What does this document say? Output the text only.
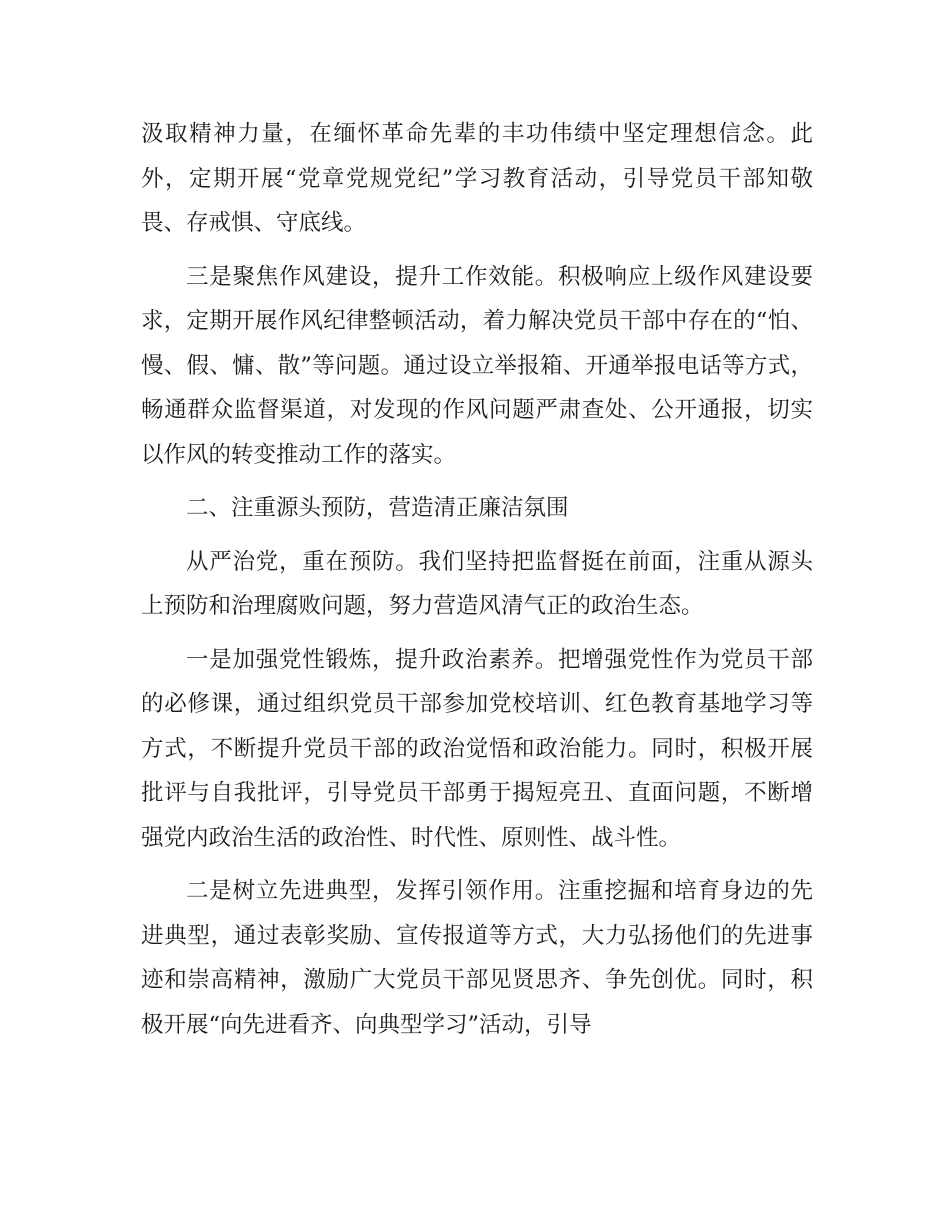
汲取精神力量，在缅怀革命先辈的丰功伟绩中坚定理想信念。此外，定期开展“党章党规党纪”学习教育活动，引导党员干部知敬畏、存戒惧、守底线。

三是聚焦作风建设，提升工作效能。积极响应上级作风建设要求，定期开展作风纪律整顿活动，着力解决党员干部中存在的“怕、慢、假、慵、散”等问题。通过设立举报箱、开通举报电话等方式，畅通群众监督渠道，对发现的作风问题严肃查处、公开通报，切实以作风的转变推动工作的落实。

二、注重源头预防，营造清正廉洁氛围

从严治党，重在预防。我们坚持把监督挺在前面，注重从源头上预防和治理腐败问题，努力营造风清气正的政治生态。

一是加强党性锻炼，提升政治素养。把增强党性作为党员干部的必修课，通过组织党员干部参加党校培训、红色教育基地学习等方式，不断提升党员干部的政治觉悟和政治能力。同时，积极开展批评与自我批评，引导党员干部勇于揭短亮丑、直面问题，不断增强党内政治生活的政治性、时代性、原则性、战斗性。

二是树立先进典型，发挥引领作用。注重挖掘和培育身边的先进典型，通过表彰奖励、宣传报道等方式，大力弘扬他们的先进事迹和崇高精神，激励广大党员干部见贤思齐、争先创优。同时，积极开展“向先进看齐、向典型学习”活动，引导
